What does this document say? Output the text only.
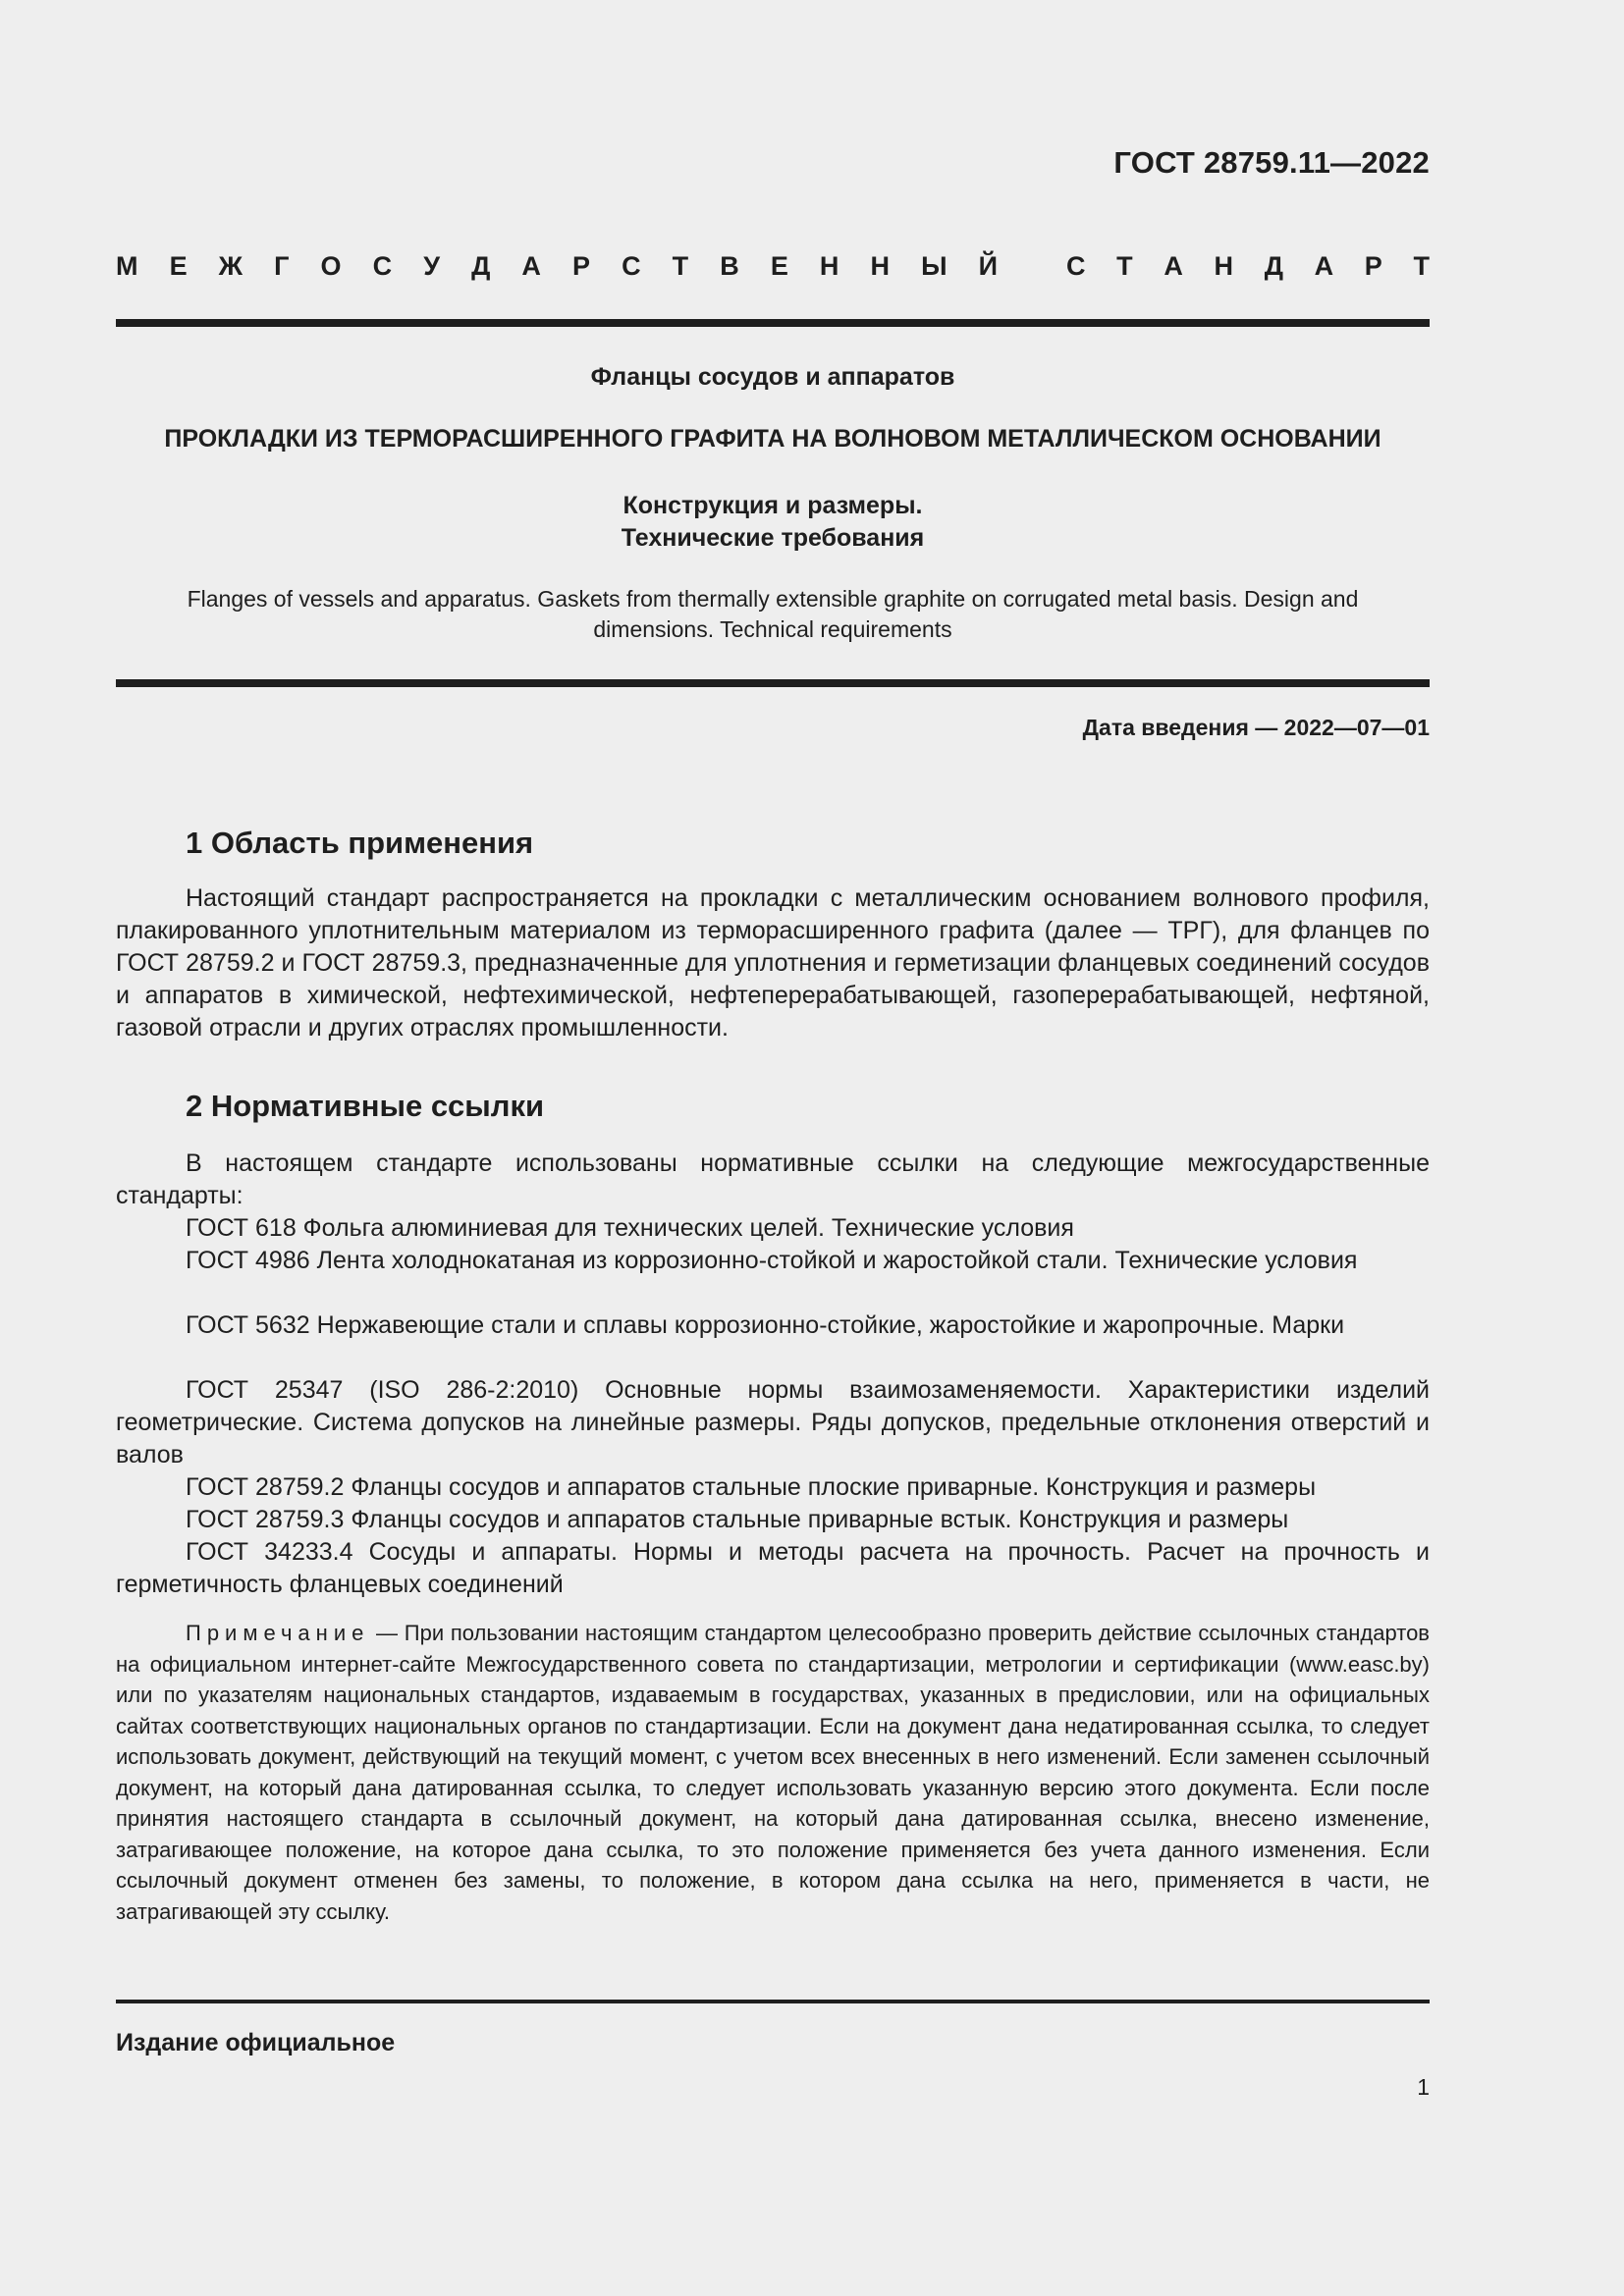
ГОСТ 28759.11—2022
М Е Ж Г О С У Д А Р С Т В Е Н Н Ы Й	С Т А Н Д А Р Т
Фланцы сосудов и аппаратов
ПРОКЛАДКИ ИЗ ТЕРМОРАСШИРЕННОГО ГРАФИТА НА ВОЛНОВОМ МЕТАЛЛИЧЕСКОМ ОСНОВАНИИ
Конструкция и размеры.
Технические требования
Flanges of vessels and apparatus. Gaskets from thermally extensible graphite on corrugated metal basis. Design and dimensions. Technical requirements
Дата введения — 2022—07—01
1 Область применения

Настоящий стандарт распространяется на прокладки с металлическим основанием волнового профиля, плакированного уплотнительным материалом из терморасширенного графита (далее — ТРГ), для фланцев по ГОСТ 28759.2 и ГОСТ 28759.3, предназначенные для уплотнения и герметизации фланцевых соединений сосудов и аппаратов в химической, нефтехимической, нефтеперерабатывающей, газоперерабатывающей, нефтяной, газовой отрасли и других отраслях промышленности.

2 Нормативные ссылки

В настоящем стандарте использованы нормативные ссылки на следующие межгосударственные стандарты:

ГОСТ 618 Фольга алюминиевая для технических целей. Технические условия

ГОСТ 4986 Лента холоднокатаная из коррозионно-стойкой и жаростойкой стали. Технические условия

ГОСТ 5632 Нержавеющие стали и сплавы коррозионно-стойкие, жаростойкие и жаропрочные. Марки

ГОСТ 25347 (ISO 286-2:2010) Основные нормы взаимозаменяемости. Характеристики изделий геометрические. Система допусков на линейные размеры. Ряды допусков, предельные отклонения отверстий и валов

ГОСТ 28759.2 Фланцы сосудов и аппаратов стальные плоские приварные. Конструкция и размеры

ГОСТ 28759.3 Фланцы сосудов и аппаратов стальные приварные встык. Конструкция и размеры

ГОСТ 34233.4 Сосуды и аппараты. Нормы и методы расчета на прочность. Расчет на прочность и герметичность фланцевых соединений

Примечание — При пользовании настоящим стандартом целесообразно проверить действие ссылочных стандартов на официальном интернет-сайте Межгосударственного совета по стандартизации, метрологии и сертификации (www.easc.by) или по указателям национальных стандартов, издаваемым в государствах, указанных в предисловии, или на официальных сайтах соответствующих национальных органов по стандартизации. Если на документ дана недатированная ссылка, то следует использовать документ, действующий на текущий момент, с учетом всех внесенных в него изменений. Если заменен ссылочный документ, на который дана датированная ссылка, то следует использовать указанную версию этого документа. Если после принятия настоящего стандарта в ссылочный документ, на который дана датированная ссылка, внесено изменение, затрагивающее положение, на которое дана ссылка, то это положение применяется без учета данного изменения. Если ссылочный документ отменен без замены, то положение, в котором дана ссылка на него, применяется в части, не затрагивающей эту ссылку.

Издание официальное
1
